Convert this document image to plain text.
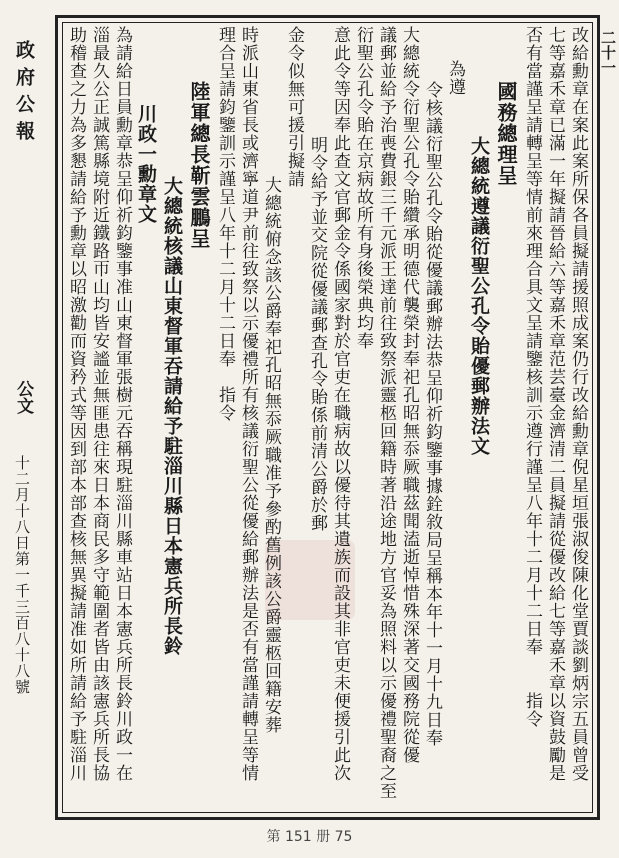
政府公報
公文
十二月十八日第一千三百八十八號
二十一
改給勳章在案此案所保各員擬請援照成案仍行改給勳章倪星垣張淑俊陳化堂賈談劉炳宗五員曾受
七等嘉禾章已滿一年擬請晉給六等嘉禾章范芸臺金濟清二員擬請從優改給七等嘉禾章以資鼓勵是
否有當謹呈請轉呈等情前來理合具文呈請鑒核訓示遵行謹呈八年十二月十二日奉　　指令
國務總理呈
大總統遵議衍聖公孔令貽優郵辦法文
為遵
令核議衍聖公孔令貽從優議郵辦法恭呈仰祈鈞鑒事據銓敘局呈稱本年十一月十九日奉
大總統令衍聖公孔令貽纘承明德代襲榮封奉祀孔昭無忝厥職茲聞溘逝悼惜殊深著交國務院從優
議郵並給予治喪費銀三千元派王達前往致祭派靈柩回籍時著沿途地方官妥為照料以示優禮聖裔之至
衍聖公孔令貽在京病故所有身後榮典均奉
意此令等因奉此查文官郵金令係國家對於官吏在職病故以優待其遺族而設其非官吏未便援引此次
明令給予並交院從優議郵查孔令貽係前清公爵於郵
金令似無可援引擬請
大總統俯念該公爵奉祀孔昭無忝厥職准予參酌舊例該公爵靈柩回籍安葬
時派山東省長或濟寧道尹前往致祭以示優禮所有核議衍聖公從優給郵辦法是否有當謹請轉呈等情
理合呈請鈞鑒訓示謹呈八年十二月十二日奉　指令
陸軍總長靳雲鵬呈
大總統核議山東督軍吞請給予駐淄川縣日本憲兵所長鈴
川政一勳章文
為請給日員勳章恭呈仰祈鈞鑒事准山東督軍張樹元吞稱現駐淄川縣車站日本憲兵所長鈴川政一在
淄最久公正誠篤縣境附近鐵路帀山均皆安謐並無匪患往來日本商民多守範圍者皆由該憲兵所長協
助稽查之力為多懇請給予勳章以昭激勸而資矜式等因到部本部查核無異擬請准如所請給予駐淄川
第 151 册 75
